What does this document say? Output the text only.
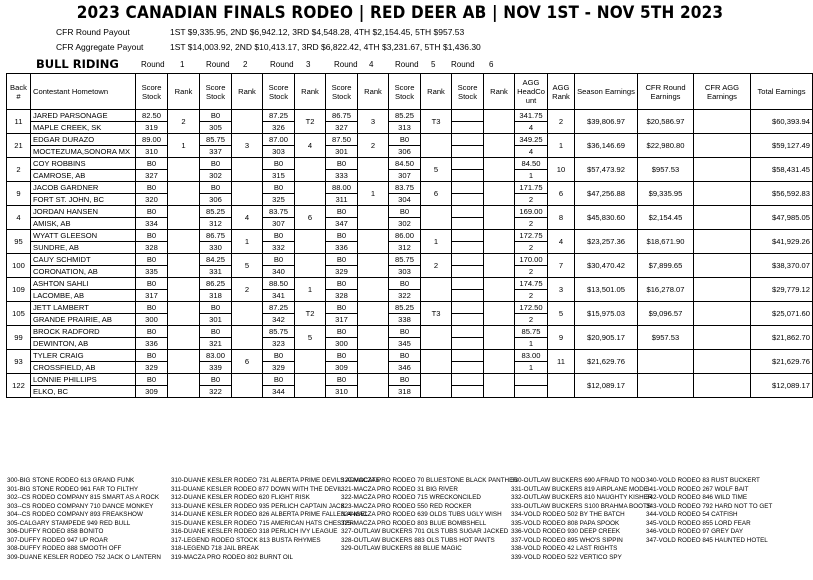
2023 CANADIAN FINALS RODEO | RED DEER AB | NOV 1ST - NOV 5TH 2023
CFR Round Payout	1ST $9,335.95, 2ND $6,942.12, 3RD $4,548.28, 4TH $2,154.45, 5TH $957.53
CFR Aggregate Payout	1ST $14,003.92, 2ND $10,413.17, 3RD $6,822.42, 4TH $3,231.67, 5TH $1,436.30
BULL RIDING	Round 1	Round 2	Round 3	Round 4	Round 5 Round 6
Back #	Contestant Hometown	Score Stock	Rank	Score Stock	Rank	Score Stock	Rank	Score Stock	Rank	Score Stock	Rank	Score Stock	Rank	AGG HeadCo unt	AGG Rank	Season Earnings	CFR Round Earnings	CFR AGG Earnings	Total Earnings
11	JARED PARSONAGE	82.50	2	B0		87.25	T2	86.75	3	85.25	T3			341.75	2	$39,806.97	$20,586.97		$60,393.94
	MAPLE CREEK, SK	319		305		326		327		313				4					
21	EDGAR DURAZO	89.00	1	85.75	3	87.00	4	87.50	2	B0				349.25	1	$36,146.69	$22,980.80		$59,127.49
	MOCTEZUMA,SONORA MX	310		337		303		301		306				4					
2	COY ROBBINS	B0		B0		B0		B0		84.50	5			84.50	10	$57,473.92	$957.53		$58,431.45
	CAMROSE, AB	327		302		315		333		307				1					
9	JACOB GARDNER	B0		B0		B0		88.00	1	83.75	6			171.75	6	$47,256.88	$9,335.95		$56,592.83
	FORT ST. JOHN, BC	320		306		325		311		304				2					
4	JORDAN HANSEN	B0		85.25	4	83.75	6	B0		B0				169.00	8	$45,830.60	$2,154.45		$47,985.05
	AMISK, AB	334		312		307		347		302				2					
95	WYATT GLEESON	B0		86.75	1	B0		B0		86.00	1			172.75	4	$23,257.36	$18,671.90		$41,929.26
	SUNDRE, AB	328		330		332		336		312				2					
100	CAUY SCHMIDT	B0		84.25	5	B0		B0		85.75	2			170.00	7	$30,470.42	$7,899.65		$38,370.07
	CORONATION, AB	335		331		340		329		303				2					
109	ASHTON SAHLI	B0		86.25	2	88.50	1	B0		B0				174.75	3	$13,501.05	$16,278.07		$29,779.12
	LACOMBE, AB	317		318		341		328		322				2					
105	JETT LAMBERT	B0		B0		87.25	T2	B0		85.25	T3			172.50	5	$15,975.03	$9,096.57		$25,071.60
	GRANDE PRAIRIE, AB	300		301		342		317		338				2					
99	BROCK RADFORD	B0		B0		85.75	5	B0		B0				85.75	9	$20,905.17	$957.53		$21,862.70
	DEWINTON, AB	336		321		323		300		345				1					
93	TYLER CRAIG	B0		83.00	6	B0		B0		B0				83.00	11	$21,629.76			$21,629.76
	CROSSFIELD, AB	329		339		329		309		346				1					
122	LONNIE PHILLIPS	B0		B0		B0		B0		B0						$12,089.17			$12,089.17
	ELKO, BC	309		322		344		310		318									
300-BIG STONE RODEO 613 GRAND FUNK
301-BIG STONE RODEO 961 FAR TO FILTHY
302--CS RODEO COMPANY 815 SMART AS A ROCK
303--CS RODEO COMPANY 710 DANCE MONKEY
304--CS RODEO COMPANY 893 FREAKSHOW
305-CALGARY STAMPEDE 949 RED BULL
306-DUFFY RODEO 858 BONITO
307-DUFFY RODEO 947 UP ROAR
308-DUFFY RODEO 888 SMOOTH OFF
309-DUANE KESLER RODEO 752 JACK O LANTERN
310-DUANE KESLER RODEO 731 ALBERTA PRIME DEVILS ADVOCATE
311-DUANE KESLER RODEO 877 DOWN WITH THE DEVIL
312-DUANE KESLER RODEO 620 FLIGHT RISK
313-DUANE KESLER RODEO 935 PERLICH CAPTAIN JACK
314-DUANE KESLER RODEO 826 ALBERTA PRIME FALLEN ANGEL
315-DUANE KESLER RODEO 715 AMERICAN HATS CHESTER
316-DUANE KESLER RODEO 318 PERLICH IVY LEAGUE
317-LEGEND RODEO STOCK 813 BUSTA RHYMES
318-LEGEND 718 JAIL BREAK
319-MACZA PRO RODEO 802 BURNT OIL
320-MACZA PRO RODEO 70 BLUESTONE BLACK PANTHER
321-MACZA PRO RODEO 31 BIG RIVER
322-MACZA PRO RODEO 715 WRECKONCILED
323-MACZA PRO RODEO 550 RED ROCKER
324-MACZA PRO RODEO 639 OLDS TUBS UGLY WISH
325-MACZA PRO RODEO 803 BLUE BOMBSHELL
327-OUTLAW BUCKERS 701 OLS TUBS SUGAR JACKED
328-OUTLAW BUCKERS 883 OLS TUBS HOT PANTS
329-OUTLAW BUCKERS 88 BLUE MAGIC
330-OUTLAW BUCKERS 690 AFRAID TO NOD
331-OUTLAW BUCKERS 819 AIRPLANE MODE
332-OUTLAW BUCKERS 810 NAUGHTY KISHER
333-OUTLAW BUCKERS S100 BRAHMA BOOTS
334-VOLD RODEO 502 BY THE BATCH
335-VOLD RODEO 808 PAPA SPOOK
336-VOLD RODEO 930 DEEP CREEK
337-VOLD RODEO 895 WHO'S SIPPIN
338-VOLD RODEO 42 LAST RIGHTS
339-VOLD RODEO 522 VERTICO SPY
340-VOLD RODEO 83 RUST BUCKERT
341-VOLD RODEO 267 WOLF BAIT
342-VOLD RODEO 846 WILD TIME
343-VOLD RODEO 792 HARD NOT TO GET
344-VOLD RODEO 54 CATFISH
345-VOLD RODEO 855 LORD FEAR
346-VOLD RODEO 97 GREY DAY
347-VOLD RODEO 845 HAUNTED HOTEL
